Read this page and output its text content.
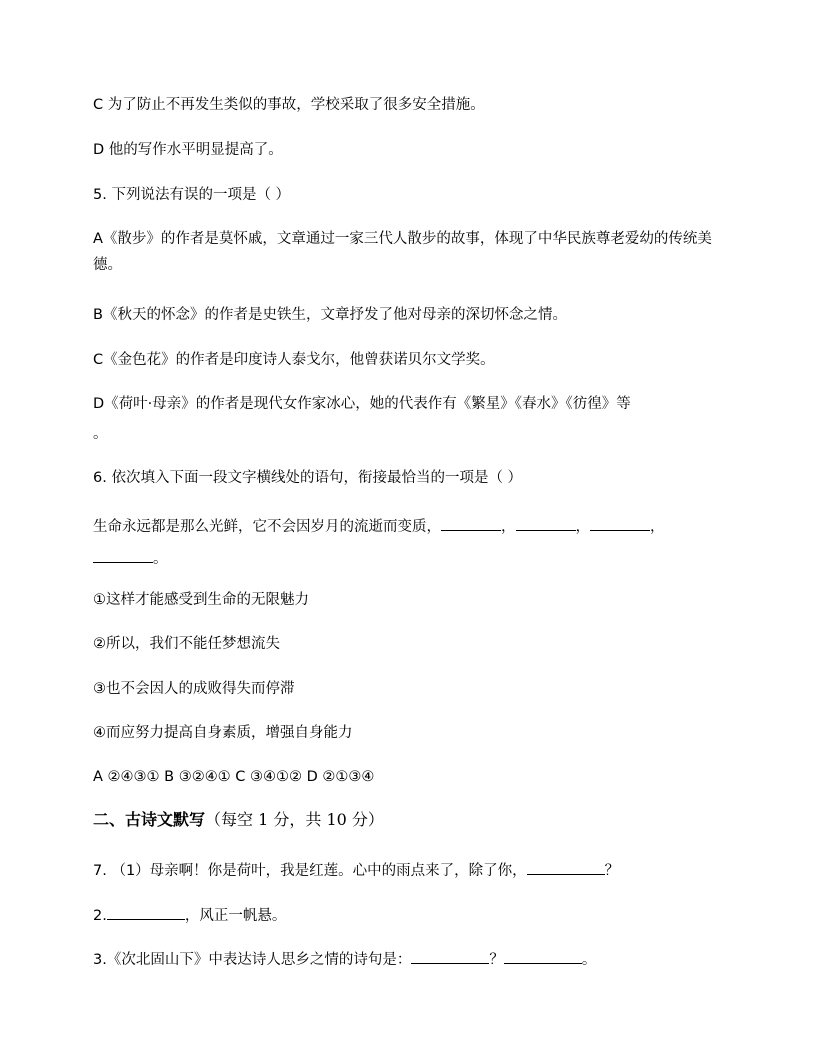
C 为了防止不再发生类似的事故，学校采取了很多安全措施。

D 他的写作水平明显提高了。

5. 下列说法有误的一项是（ ）

A《散步》的作者是莫怀戚，文章通过一家三代人散步的故事，体现了中华民族尊老爱幼的传统美德。

B《秋天的怀念》的作者是史铁生，文章抒发了他对母亲的深切怀念之情。

C《金色花》的作者是印度诗人泰戈尔，他曾获诺贝尔文学奖。

D《荷叶·母亲》的作者是现代女作家冰心，她的代表作有《繁星》《春水》《彷徨》等

。

6. 依次填入下面一段文字横线处的语句，衔接最恰当的一项是（ ）

生命永远都是那么光鲜，它不会因岁月的流逝而变质，	，	，	，

。

①这样才能感受到生命的无限魅力

②所以，我们不能任梦想流失

③也不会因人的成败得失而停滞

④而应努力提高自身素质，增强自身能力

A ②④③① B ③②④① C ③④①② D ②①③④

二、古诗文默写（每空 1 分，共 10 分）

7. （1）母亲啊！你是荷叶，我是红莲。心中的雨点来了，除了你，	？

2.	，风正一帆悬。

3.《次北固山下》中表达诗人思乡之情的诗句是：	？	。
